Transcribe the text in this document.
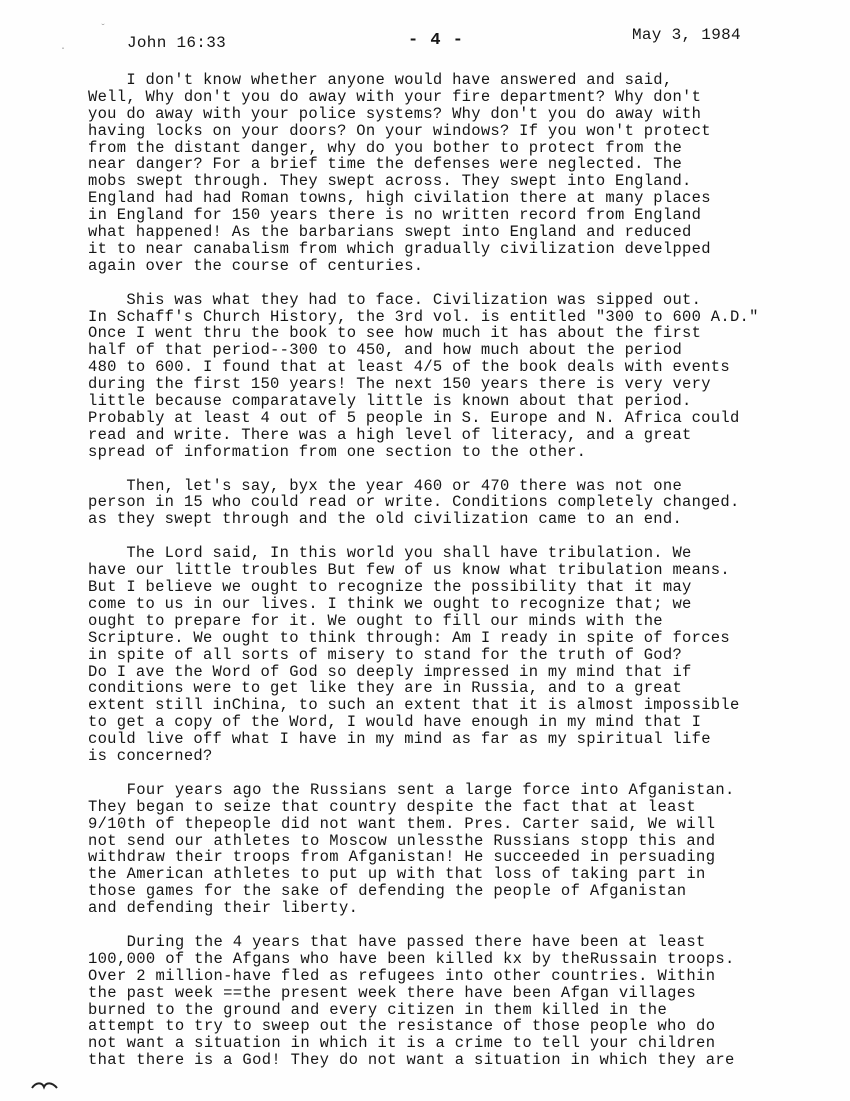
John 16:33	- 4 -	May 3, 1984
·
ˇ
I don't know whether anyone would have answered and said,
Well, Why don't you do away with your fire department? Why don't
you do away with your police systems? Why don't you do away with
having locks on your doors? On your windows? If you won't protect
from the distant danger, why do you bother to protect from the
near danger? For a brief time the defenses were neglected. The
mobs swept through. They swept across. They swept into England.
England had had Roman towns, high civilation there at many places
in England for 150 years there is no written record from England
what happened! As the barbarians swept into England and reduced
it to near canabalism from which gradually civilization develpped
again over the course of centuries.
Shis was what they had to face. Civilization was sipped out.
In Schaff's Church History, the 3rd vol. is entitled "300 to 600 A.D."
Once I went thru the book to see how much it has about the first
half of that period--300 to 450, and how much about the period
480 to 600. I found that at least 4/5 of the book deals with events
during the first 150 years! The next 150 years there is very very
little because comparatavely little is known about that period.
Probably at least 4 out of 5 people in S. Europe and N. Africa could
read and write. There was a high level of literacy, and a great
spread of information from one section to the other.
Then, let's say, byx the year 460 or 470 there was not one
person in 15 who could read or write. Conditions completely changed.
as they swept through and the old civilization came to an end.
The Lord said, In this world you shall have tribulation. We
have our little troubles But few of us know what tribulation means.
But I believe we ought to recognize the possibility that it may
come to us in our lives. I think we ought to recognize that; we
ought to prepare for it. We ought to fill our minds with the
Scripture. We ought to think through: Am I ready in spite of forces
in spite of all sorts of misery to stand for the truth of God?
Do I ave the Word of God so deeply impressed in my mind that if
conditions were to get like they are in Russia, and to a great
extent still inChina, to such an extent that it is almost impossible
to get a copy of the Word, I would have enough in my mind that I
could live off what I have in my mind as far as my spiritual life
is concerned?
Four years ago the Russians sent a large force into Afganistan.
They began to seize that country despite the fact that at least
9/10th of thepeople did not want them. Pres. Carter said, We will
not send our athletes to Moscow unlessthe Russians stopp this and
withdraw their troops from Afganistan! He succeeded in persuading
the American athletes to put up with that loss of taking part in
those games for the sake of defending the people of Afganistan
and defending their liberty.
During the 4 years that have passed there have been at least
100,000 of the Afgans who have been killed kx by theRussain troops.
Over 2 million-have fled as refugees into other countries. Within
the past week ==the present week there have been Afgan villages
burned to the ground and every citizen in them killed in the
attempt to try to sweep out the resistance of those people who do
not want a situation in which it is a crime to tell your children
that there is a God! They do not want a situation in which they are
